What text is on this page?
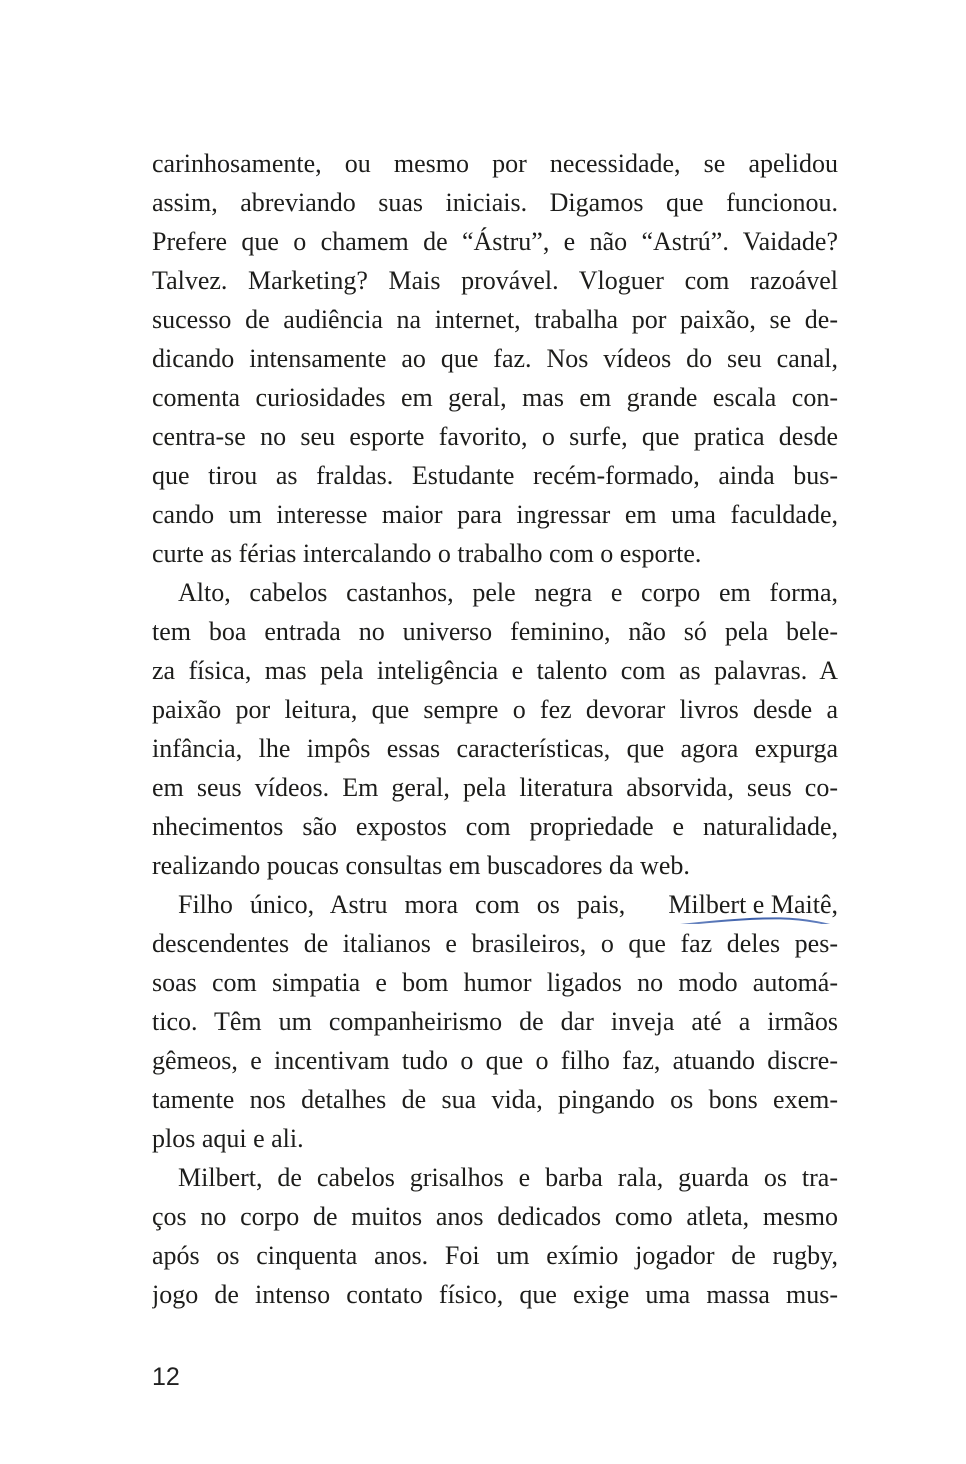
carinhosamente, ou mesmo por necessidade, se apelidou
assim, abreviando suas iniciais. Digamos que funcionou.
Prefere que o chamem de “Ástru”, e não “Astrú”. Vaidade?
Talvez. Marketing? Mais provável. Vloguer com razoável
sucesso de audiência na internet, trabalha por paixão, se de-
dicando intensamente ao que faz. Nos vídeos do seu canal,
comenta curiosidades em geral, mas em grande escala con-
centra-se no seu esporte favorito, o surfe, que pratica desde
que tirou as fraldas. Estudante recém-formado, ainda bus-
cando um interesse maior para ingressar em uma faculdade,
curte as férias intercalando o trabalho com o esporte.
Alto, cabelos castanhos, pele negra e corpo em forma,
tem boa entrada no universo feminino, não só pela bele-
za física, mas pela inteligência e talento com as palavras. A
paixão por leitura, que sempre o fez devorar livros desde a
infância, lhe impôs essas características, que agora expurga
em seus vídeos. Em geral, pela literatura absorvida, seus co-
nhecimentos são expostos com propriedade e naturalidade,
realizando poucas consultas em buscadores da web.
Filho único, Astru mora com os pais, Milbert e Maitê,
descendentes de italianos e brasileiros, o que faz deles pes-
soas com simpatia e bom humor ligados no modo automá-
tico. Têm um companheirismo de dar inveja até a irmãos
gêmeos, e incentivam tudo o que o filho faz, atuando discre-
tamente nos detalhes de sua vida, pingando os bons exem-
plos aqui e ali.
Milbert, de cabelos grisalhos e barba rala, guarda os tra-
ços no corpo de muitos anos dedicados como atleta, mesmo
após os cinquenta anos. Foi um exímio jogador de rugby,
jogo de intenso contato físico, que exige uma massa mus-
12
